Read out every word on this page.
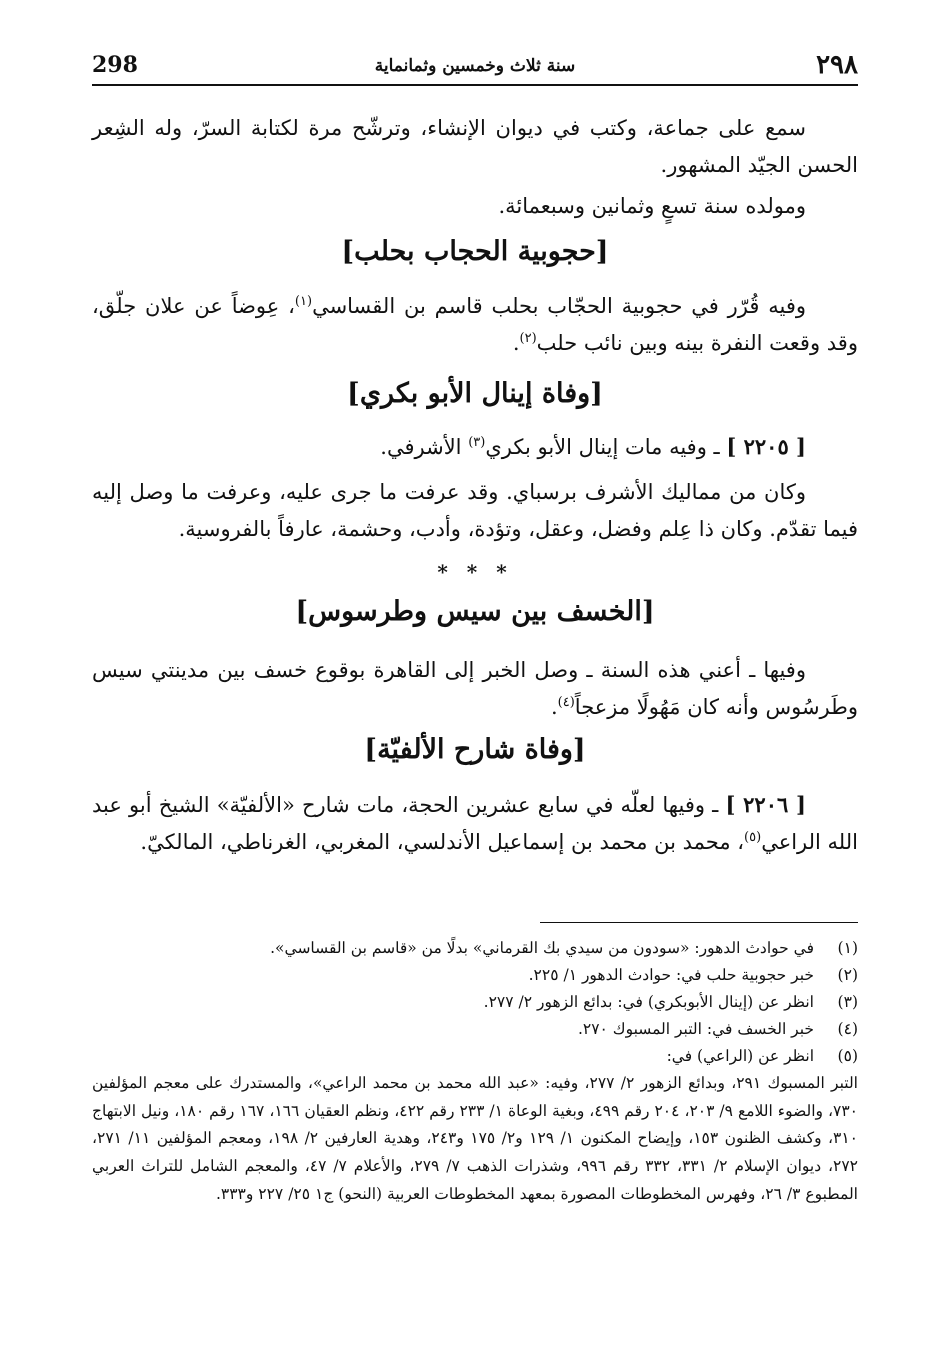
٢٩٨
سنة ثلاث وخمسين وثمانماية
298

سمع على جماعة، وكتب في ديوان الإنشاء، وترشّح مرة لكتابة السرّ، وله الشِعر الحسن الجيّد المشهور.

ومولده سنة تسعٍ وثمانين وسبعمائة.

[حجوبية الحجاب بحلب]

وفيه قُرّر في حجوبية الحجّاب بحلب قاسم بن القساسي$^{(١)}$، عِوضاً عن علان جلّق، وقد وقعت النفرة بينه وبين نائب حلب$^{(٢)}$.

[وفاة إينال الأبو بكري]

[ ٢٢٠٥ ] ـ وفيه مات إينال الأبو بكري$^{(٣)}$ الأشرفي.

وكان من مماليك الأشرف برسباي. وقد عرفت ما جرى عليه، وعرفت ما وصل إليه فيما تقدّم. وكان ذا عِلم وفضل، وعقل، وتؤدة، وأدب، وحشمة، عارفاً بالفروسية.

* * *
[الخسف بين سيس وطرسوس]

وفيها ـ أعني هذه السنة ـ وصل الخبر إلى القاهرة بوقوع خسف بين مدينتي سيس وطَرسُوس وأنه كان مَهُولًا مزعجاً$^{(٤)}$.

[وفاة شارح الألفيّة]

[ ٢٢٠٦ ] ـ وفيها لعلّه في سابع عشرين الحجة، مات شارح «الألفيّة» الشيخ أبو عبد الله الراعي$^{(٥)}$، محمد بن محمد بن إسماعيل الأندلسي، المغربي، الغرناطي، المالكيّ.

(١)في حوادث الدهور: «سودون من سيدي بك القرماني» بدلًا من «قاسم بن القساسي».

(٢)خبر حجوبية حلب في: حوادث الدهور ١/ ٢٢٥.

(٣)انظر عن (إينال الأبوبكري) في: بدائع الزهور ٢/ ٢٧٧.

(٤)خبر الخسف في: التبر المسبوك ٢٧٠.

(٥)انظر عن (الراعي) في:

التبر المسبوك ٢٩١، وبدائع الزهور ٢/ ٢٧٧، وفيه: «عبد الله محمد بن محمد الراعي»، والمستدرك على معجم المؤلفين ٧٣٠، والضوء اللامع ٩/ ٢٠٣، ٢٠٤ رقم ٤٩٩، وبغية الوعاة ١/ ٢٣٣ رقم ٤٢٢، ونظم العقيان ١٦٦، ١٦٧ رقم ١٨٠، ونيل الابتهاج ٣١٠، وكشف الظنون ١٥٣، وإيضاح المكنون ١/ ١٢٩ و٢/ ١٧٥ و٢٤٣، وهدية العارفين ٢/ ١٩٨، ومعجم المؤلفين ١١/ ٢٧١، ٢٧٢، ديوان الإسلام ٢/ ٣٣١، ٣٣٢ رقم ٩٩٦، وشذرات الذهب ٧/ ٢٧٩، والأعلام ٧/ ٤٧، والمعجم الشامل للتراث العربي المطبوع ٣/ ٢٦، وفهرس المخطوطات المصورة بمعهد المخطوطات العربية (النحو) ج١ ٢٥/ ٢٢٧ و٣٣٣.
